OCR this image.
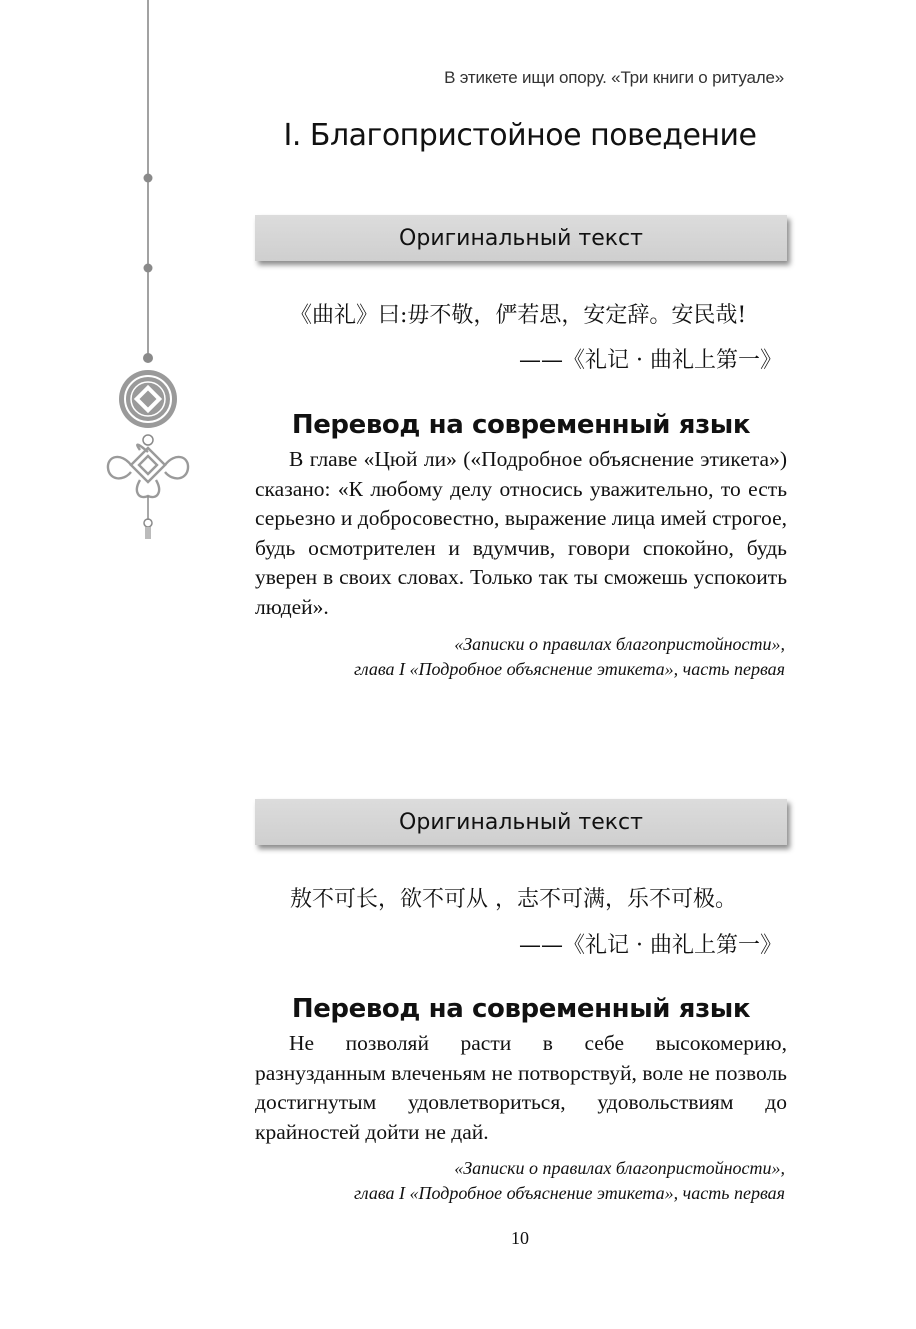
В этикете ищи опору. «Три книги о ритуале»
I. Благопристойное поведение
Оригинальный текст
《曲礼》曰:毋不敬，俨若思，安定辞。安民哉!
——《礼记 · 曲礼上第一》
Перевод на современный язык

В главе «Цюй ли» («Подробное объяснение этикета») сказано: «К любому делу относись уважительно, то есть серьезно и добросовестно, выражение лица имей строгое, будь осмотрителен и вдумчив, говори спокойно, будь уверен в своих словах. Только так ты сможешь успокоить людей».

«Записки о правилах благопристойности»,
глава I «Подробное объяснение этикета», часть первая
Оригинальный текст
敖不可长，欲不可从 ，志不可满，乐不可极。
——《礼记 · 曲礼上第一》
Перевод на современный язык

Не позволяй расти в себе высокомерию, разнузданным влеченьям не потворствуй, воле не позволь достигнутым удовлетвориться, удовольствиям до крайностей дойти не дай.

«Записки о правилах благопристойности»,
глава I «Подробное объяснение этикета», часть первая
10
